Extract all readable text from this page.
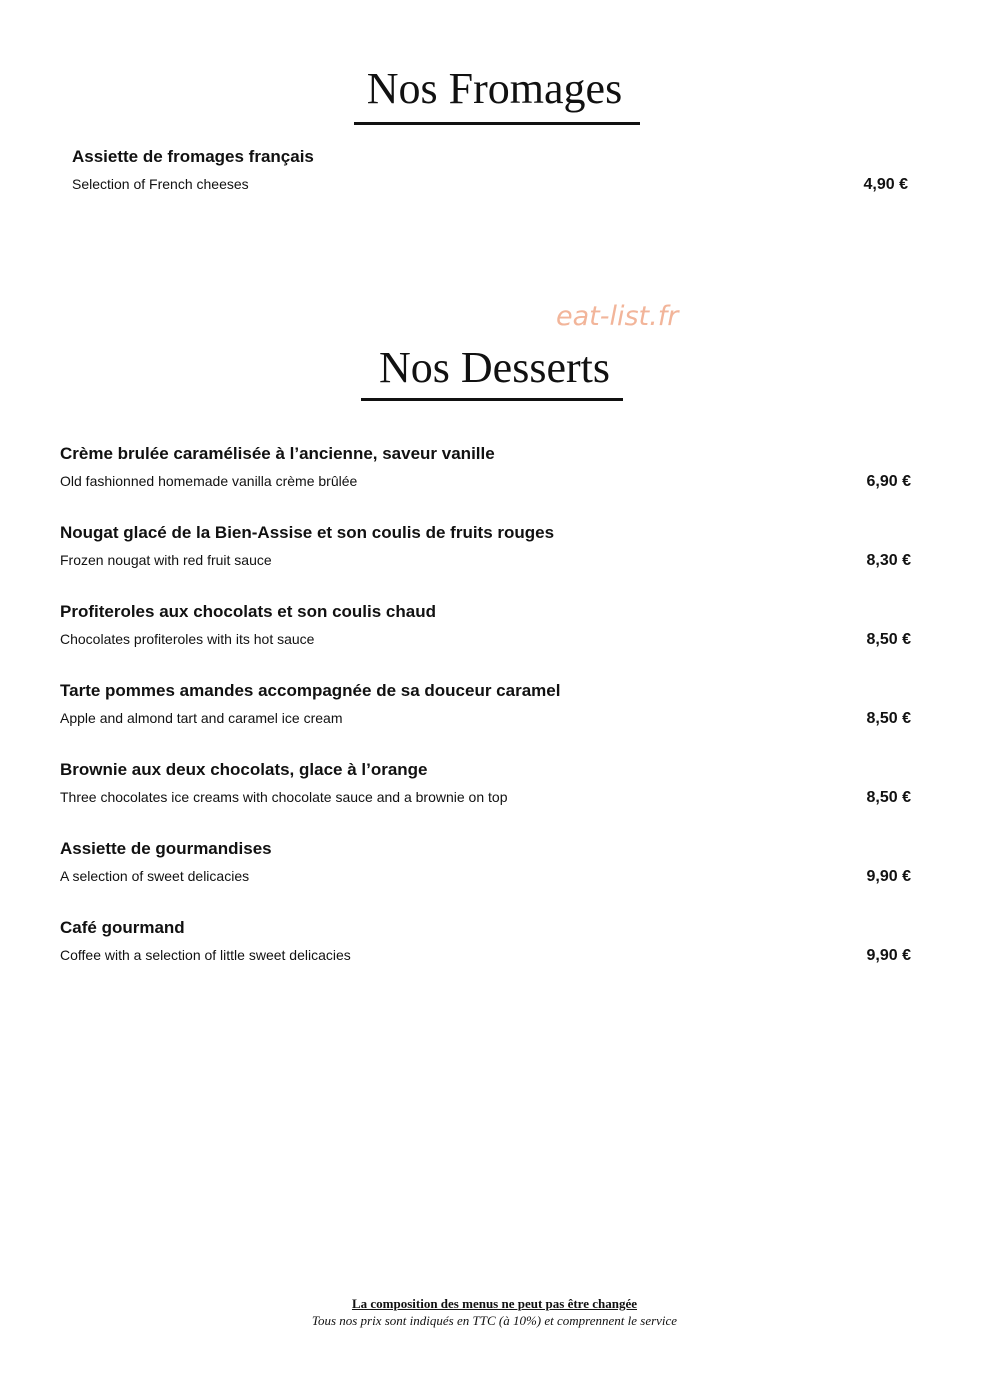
Nos Fromages
Assiette de fromages français
Selection of French cheeses	4,90 €
eat-list.fr
Nos Desserts
Crème brulée caramélisée à l’ancienne, saveur vanille
Old fashionned homemade vanilla crème brûlée	6,90 €
Nougat glacé de la Bien-Assise et son coulis de fruits rouges
Frozen nougat with red fruit sauce	8,30 €
Profiteroles aux chocolats et son coulis chaud
Chocolates profiteroles with its hot sauce	8,50 €
Tarte pommes amandes accompagnée de sa douceur caramel
Apple and almond tart and caramel ice cream	8,50 €
Brownie aux deux chocolats, glace à l’orange
Three chocolates ice creams with chocolate sauce and a brownie on top	8,50 €
Assiette de gourmandises
A selection of sweet delicacies	9,90 €
Café gourmand
Coffee with a selection of little sweet delicacies	9,90 €
La composition des menus ne peut pas être changée
Tous nos prix sont indiqués en TTC (à 10%) et comprennent le service
